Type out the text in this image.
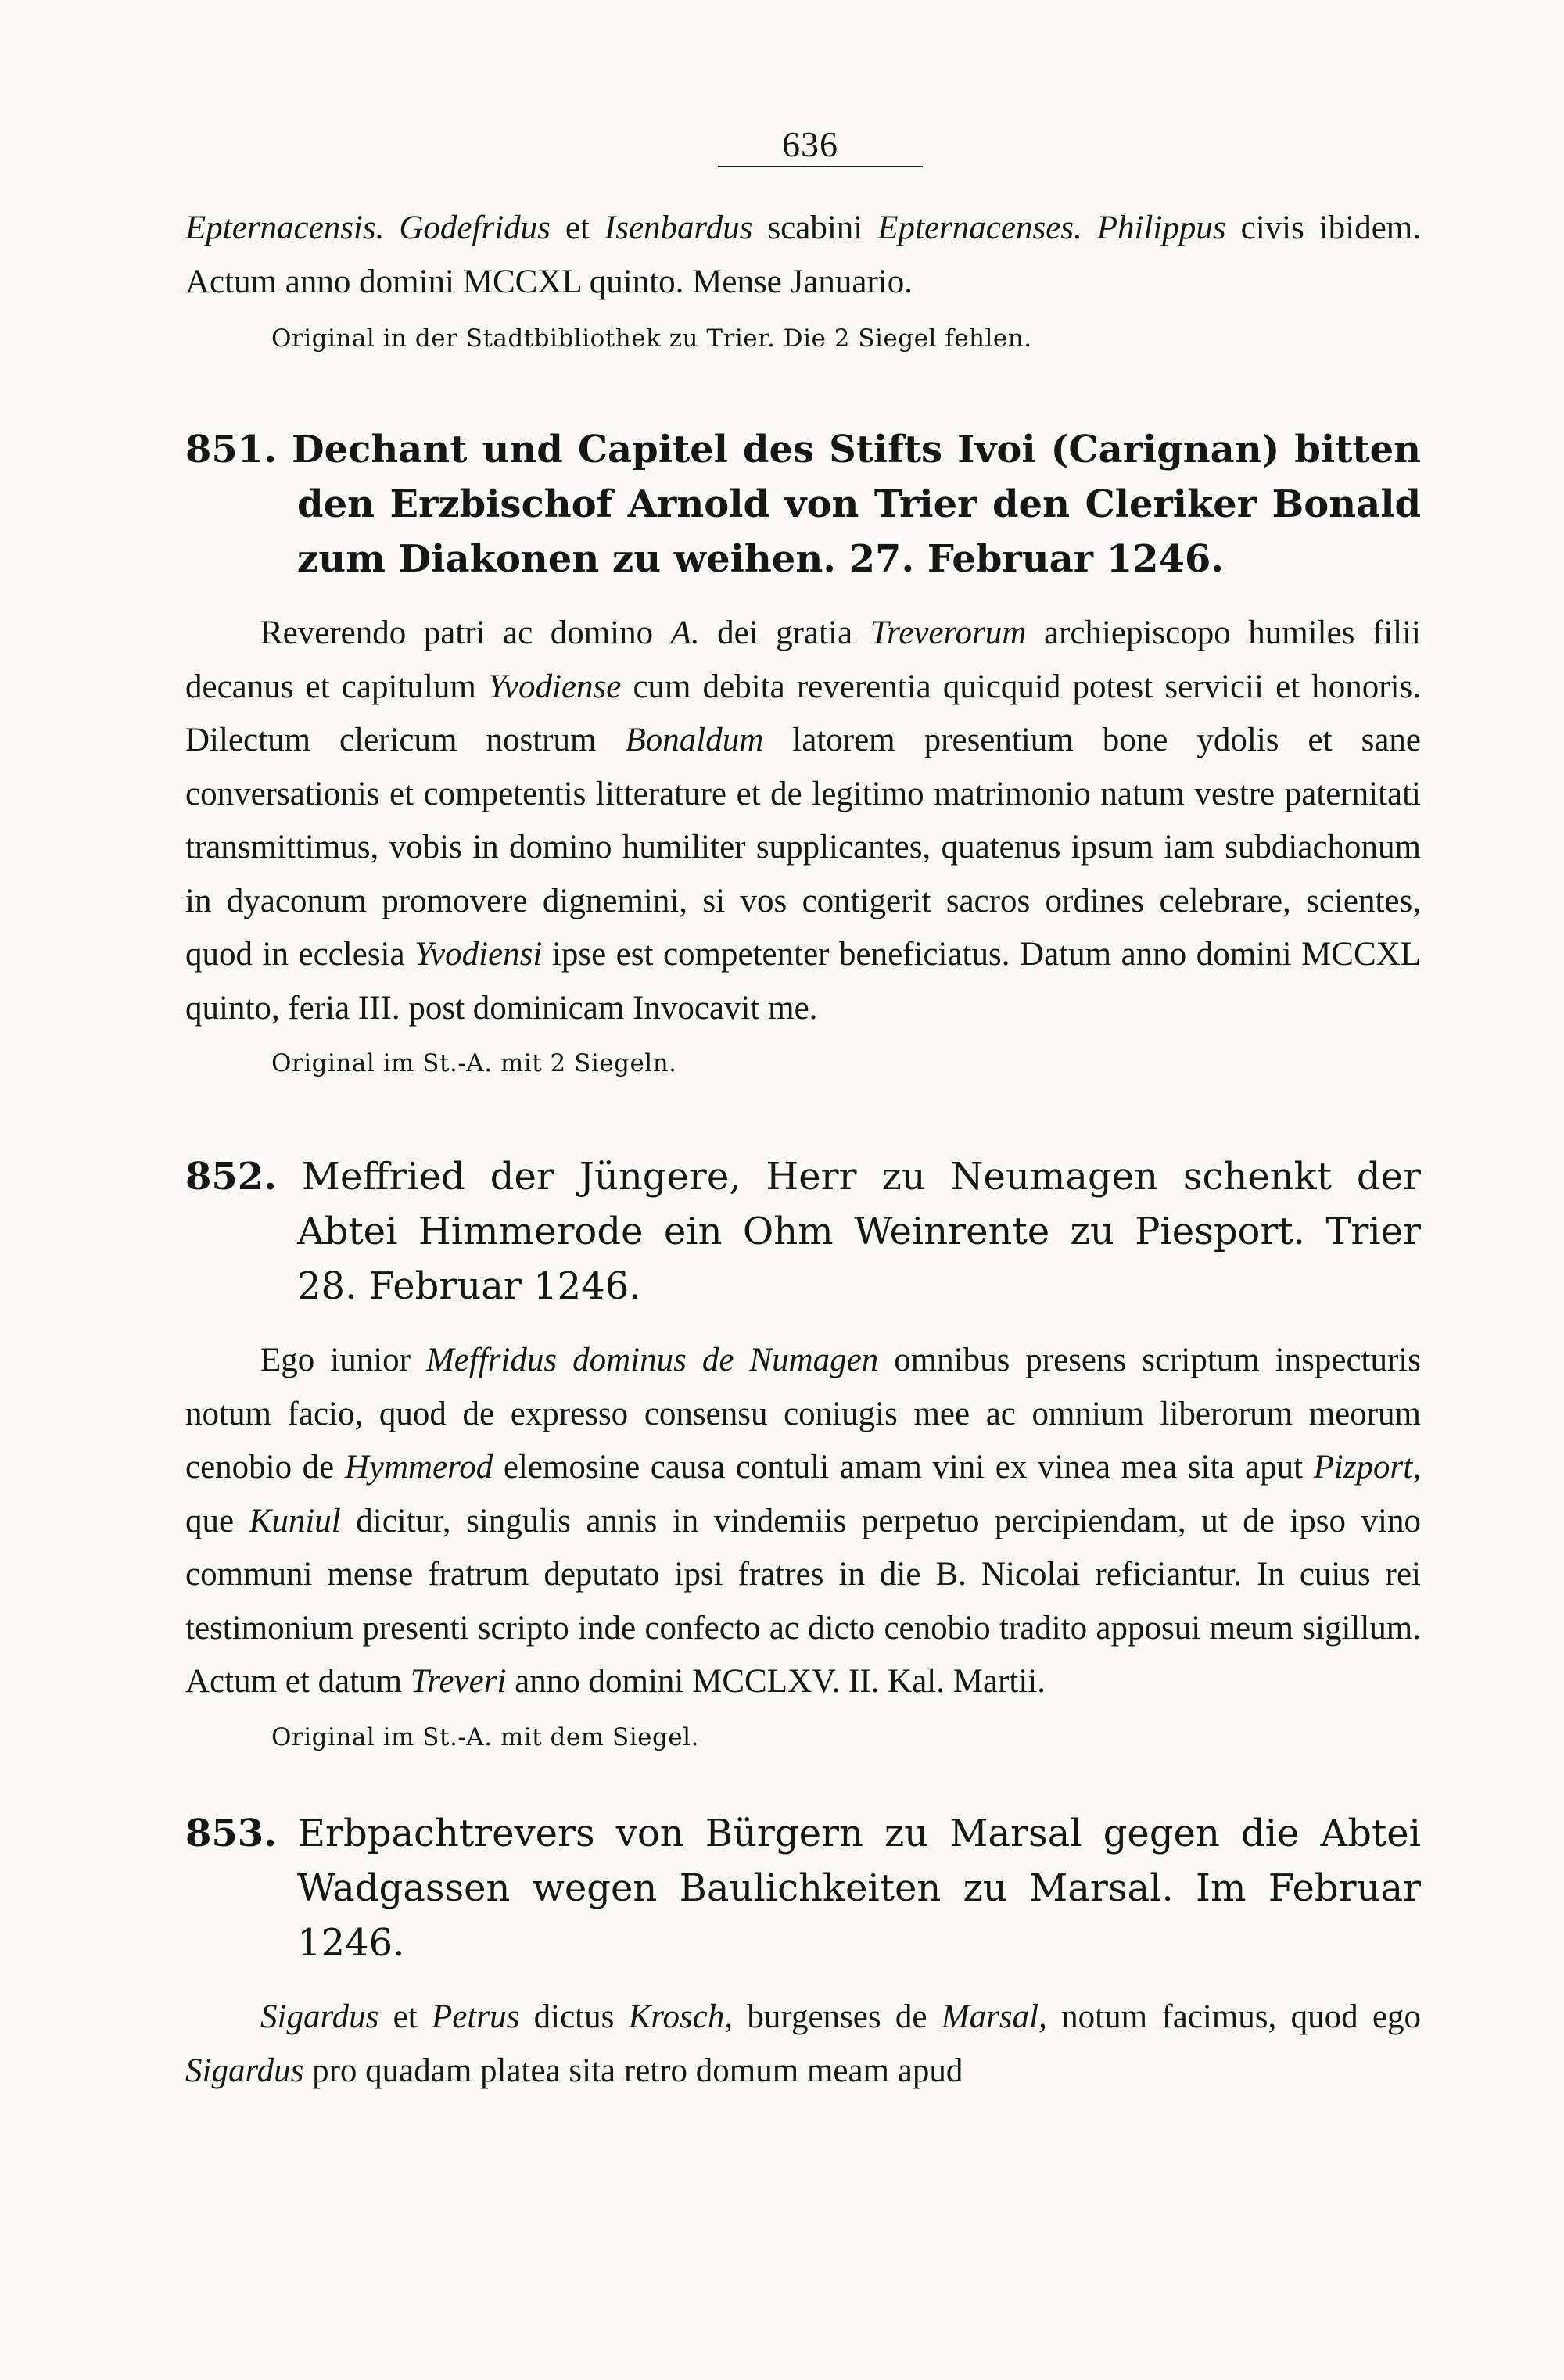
636

Epternacensis. Godefridus et Isenbardus scabini Epternacenses. Philippus civis ibidem. Actum anno domini MCCXL quinto. Mense Januario.

Original in der Stadtbibliothek zu Trier. Die 2 Siegel fehlen.

851. Dechant und Capitel des Stifts Ivoi (Carignan) bitten den Erzbischof Arnold von Trier den Cleriker Bonald zum Diakonen zu weihen. 27. Februar 1246.

Reverendo patri ac domino A. dei gratia Treverorum archiepiscopo humiles filii decanus et capitulum Yvodiense cum debita reverentia quicquid potest servicii et honoris. Dilectum clericum nostrum Bonaldum latorem presentium bone ydolis et sane conversationis et competentis litterature et de legitimo matrimonio natum vestre paternitati transmittimus, vobis in domino humiliter supplicantes, quatenus ipsum iam subdiachonum in dyaconum promovere dignemini, si vos contigerit sacros ordines celebrare, scientes, quod in ecclesia Yvodiensi ipse est competenter beneficiatus. Datum anno domini MCCXL quinto, feria III. post dominicam Invocavit me.

Original im St.-A. mit 2 Siegeln.

852. Meffried der Jüngere, Herr zu Neumagen schenkt der Abtei Himmerode ein Ohm Weinrente zu Piesport. Trier 28. Februar 1246.

Ego iunior Meffridus dominus de Numagen omnibus presens scriptum inspecturis notum facio, quod de expresso consensu coniugis mee ac omnium liberorum meorum cenobio de Hymmerod elemosine causa contuli amam vini ex vinea mea sita aput Pizport, que Kuniul dicitur, singulis annis in vindemiis perpetuo percipiendam, ut de ipso vino communi mense fratrum deputato ipsi fratres in die B. Nicolai reficiantur. In cuius rei testimonium presenti scripto inde confecto ac dicto cenobio tradito apposui meum sigillum. Actum et datum Treveri anno domini MCCLXV. II. Kal. Martii.

Original im St.-A. mit dem Siegel.

853. Erbpachtrevers von Bürgern zu Marsal gegen die Abtei Wadgassen wegen Baulichkeiten zu Marsal. Im Februar 1246.

Sigardus et Petrus dictus Krosch, burgenses de Marsal, notum facimus, quod ego Sigardus pro quadam platea sita retro domum meam apud
